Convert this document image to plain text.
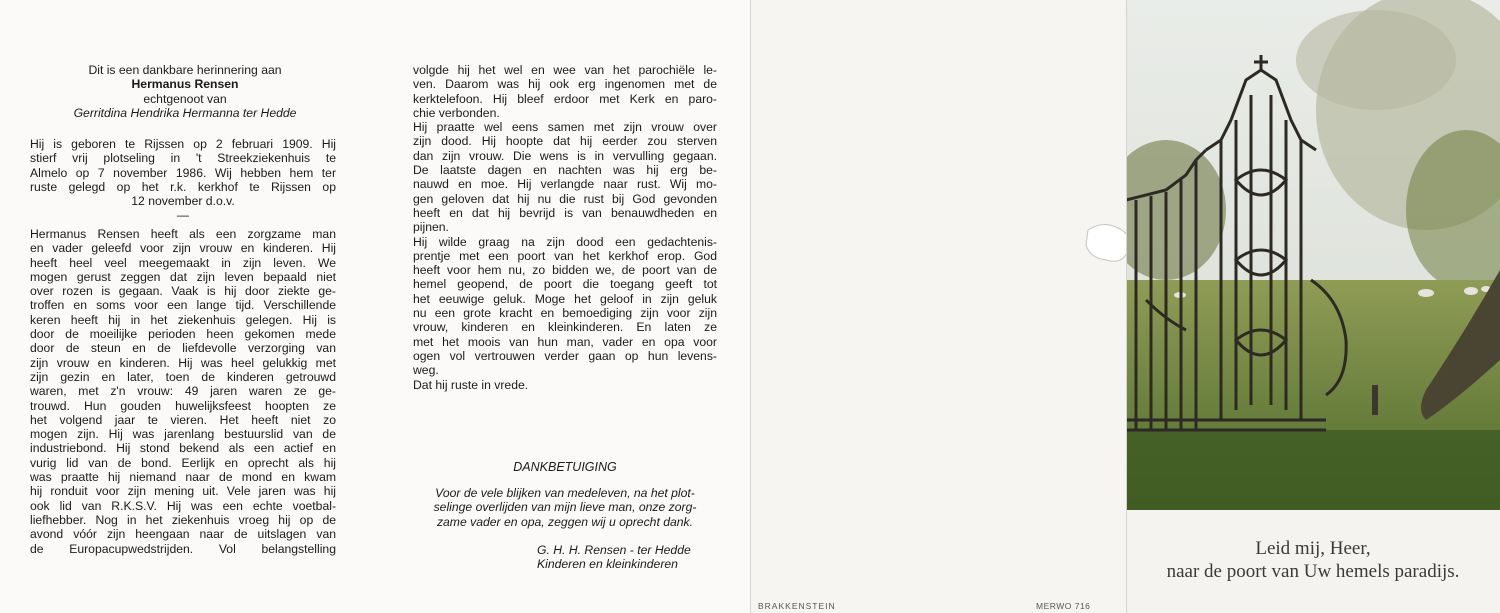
Dit is een dankbare herinnering aan
Hermanus Rensen
echtgenoot van
Gerritdina Hendrika Hermanna ter Hedde
Hij is geboren te Rijssen op 2 februari 1909. Hij
stierf vrij plotseling in 't Streekziekenhuis te
Almelo op 7 november 1986. Wij hebben hem ter
ruste gelegd op het r.k. kerkhof te Rijssen op
12 november d.o.v.
—
Hermanus Rensen heeft als een zorgzame man
en vader geleefd voor zijn vrouw en kinderen. Hij
heeft heel veel meegemaakt in zijn leven. We
mogen gerust zeggen dat zijn leven bepaald niet
over rozen is gegaan. Vaak is hij door ziekte ge-
troffen en soms voor een lange tijd. Verschillende
keren heeft hij in het ziekenhuis gelegen. Hij is
door de moeilijke perioden heen gekomen mede
door de steun en de liefdevolle verzorging van
zijn vrouw en kinderen. Hij was heel gelukkig met
zijn gezin en later, toen de kinderen getrouwd
waren, met z'n vrouw: 49 jaren waren ze ge-
trouwd. Hun gouden huwelijksfeest hoopten ze
het volgend jaar te vieren. Het heeft niet zo
mogen zijn. Hij was jarenlang bestuurslid van de
industriebond. Hij stond bekend als een actief en
vurig lid van de bond. Eerlijk en oprecht als hij
was praatte hij niemand naar de mond en kwam
hij ronduit voor zijn mening uit. Vele jaren was hij
ook lid van R.K.S.V. Hij was een echte voetbal-
liefhebber. Nog in het ziekenhuis vroeg hij op de
avond vóór zijn heengaan naar de uitslagen van
de Europacupwedstrijden. Vol belangstelling
volgde hij het wel en wee van het parochiële le-
ven. Daarom was hij ook erg ingenomen met de
kerktelefoon. Hij bleef erdoor met Kerk en paro-
chie verbonden.
Hij praatte wel eens samen met zijn vrouw over
zijn dood. Hij hoopte dat hij eerder zou sterven
dan zijn vrouw. Die wens is in vervulling gegaan.
De laatste dagen en nachten was hij erg be-
nauwd en moe. Hij verlangde naar rust. Wij mo-
gen geloven dat hij nu die rust bij God gevonden
heeft en dat hij bevrijd is van benauwdheden en
pijnen.
Hij wilde graag na zijn dood een gedachtenis-
prentje met een poort van het kerkhof erop. God
heeft voor hem nu, zo bidden we, de poort van de
hemel geopend, de poort die toegang geeft tot
het eeuwige geluk. Moge het geloof in zijn geluk
nu een grote kracht en bemoediging zijn voor zijn
vrouw, kinderen en kleinkinderen. En laten ze
met het moois van hun man, vader en opa voor
ogen vol vertrouwen verder gaan op hun levens-
weg.
Dat hij ruste in vrede.
DANKBETUIGING
Voor de vele blijken van medeleven, na het plot-
selinge overlijden van mijn lieve man, onze zorg-
zame vader en opa, zeggen wij u oprecht dank.
G. H. H. Rensen - ter Hedde
Kinderen en kleinkinderen
BRAKKENSTEIN	MERWO 716
Leid mij, Heer,
naar de poort van Uw hemels paradijs.
